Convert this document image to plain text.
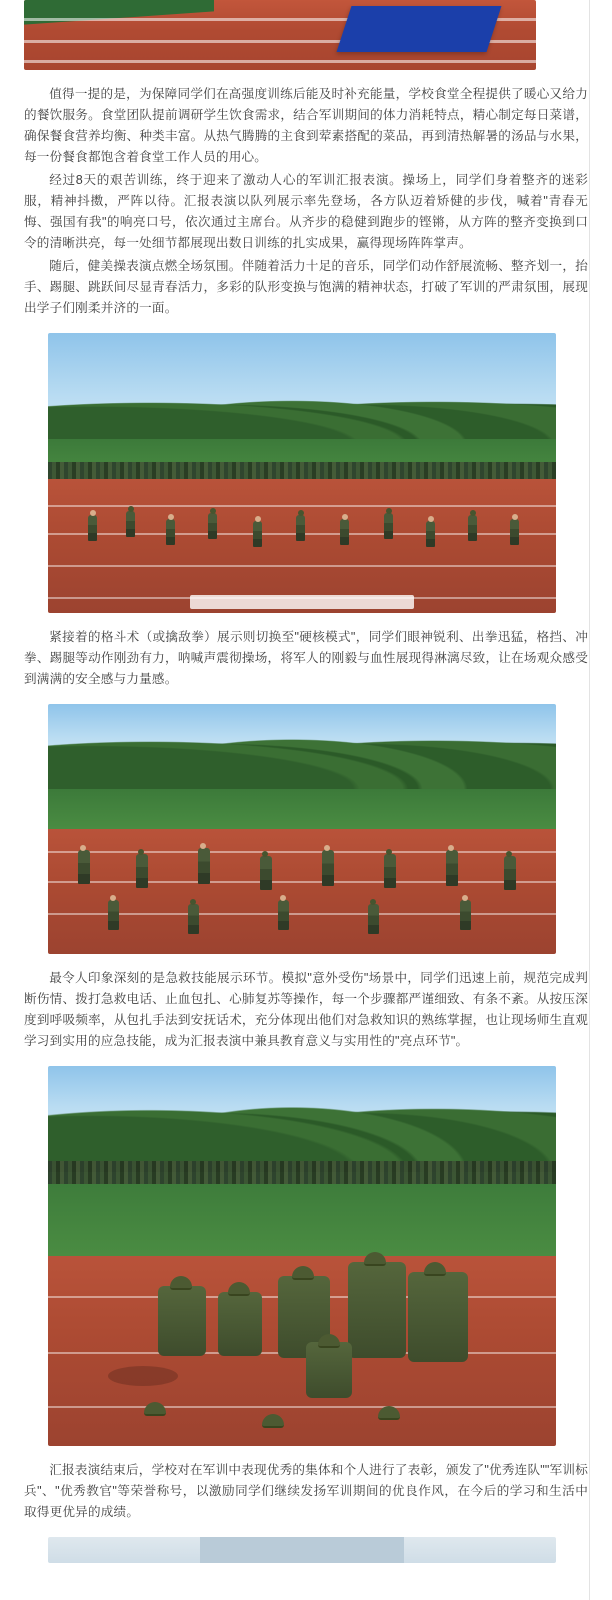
值得一提的是，为保障同学们在高强度训练后能及时补充能量，学校食堂全程提供了暖心又给力的餐饮服务。食堂团队提前调研学生饮食需求，结合军训期间的体力消耗特点，精心制定每日菜谱，确保餐食营养均衡、种类丰富。从热气腾腾的主食到荤素搭配的菜品，再到清热解暑的汤品与水果，每一份餐食都饱含着食堂工作人员的用心。

经过8天的艰苦训练，终于迎来了激动人心的军训汇报表演。操场上，同学们身着整齐的迷彩服，精神抖擞，严阵以待。汇报表演以队列展示率先登场，各方队迈着矫健的步伐，喊着"青春无悔、强国有我"的响亮口号，依次通过主席台。从齐步的稳健到跑步的铿锵，从方阵的整齐变换到口令的清晰洪亮，每一处细节都展现出数日训练的扎实成果，赢得现场阵阵掌声。

随后，健美操表演点燃全场氛围。伴随着活力十足的音乐，同学们动作舒展流畅、整齐划一，抬手、踢腿、跳跃间尽显青春活力，多彩的队形变换与饱满的精神状态，打破了军训的严肃氛围，展现出学子们刚柔并济的一面。

紧接着的格斗术（或擒敌拳）展示则切换至"硬核模式"，同学们眼神锐利、出拳迅猛，格挡、冲拳、踢腿等动作刚劲有力，呐喊声震彻操场，将军人的刚毅与血性展现得淋漓尽致，让在场观众感受到满满的安全感与力量感。

最令人印象深刻的是急救技能展示环节。模拟"意外受伤"场景中，同学们迅速上前，规范完成判断伤情、拨打急救电话、止血包扎、心肺复苏等操作，每一个步骤都严谨细致、有条不紊。从按压深度到呼吸频率，从包扎手法到安抚话术，充分体现出他们对急救知识的熟练掌握，也让现场师生直观学习到实用的应急技能，成为汇报表演中兼具教育意义与实用性的"亮点环节"。

汇报表演结束后，学校对在军训中表现优秀的集体和个人进行了表彰，颁发了"优秀连队""军训标兵"、"优秀教官"等荣誉称号，以激励同学们继续发扬军训期间的优良作风，在今后的学习和生活中取得更优异的成绩。
